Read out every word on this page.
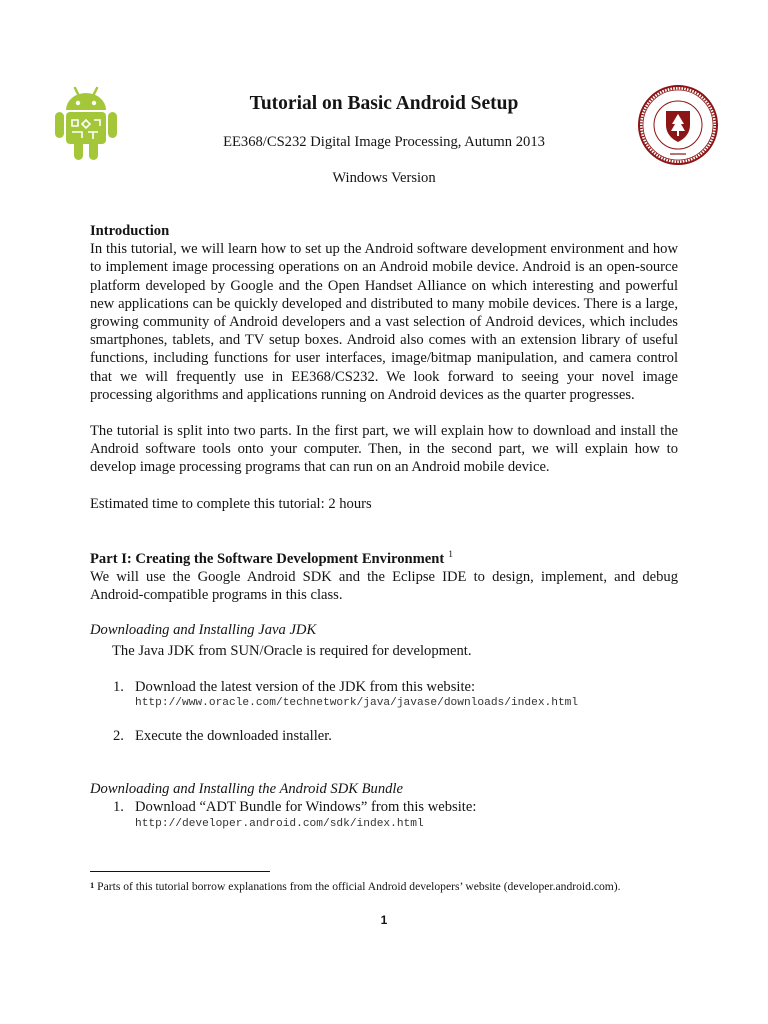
Tutorial on Basic Android Setup

EE368/CS232 Digital Image Processing, Autumn 2013

Windows Version

Introduction

In this tutorial, we will learn how to set up the Android software development environment and how to implement image processing operations on an Android mobile device. Android is an open-source platform developed by Google and the Open Handset Alliance on which interesting and powerful new applications can be quickly developed and distributed to many mobile devices. There is a large, growing community of Android developers and a vast selection of Android devices, which includes smartphones, tablets, and TV setup boxes. Android also comes with an extension library of useful functions, including functions for user interfaces, image/bitmap manipulation, and camera control that we will frequently use in EE368/CS232. We look forward to seeing your novel image processing algorithms and applications running on Android devices as the quarter progresses.

The tutorial is split into two parts. In the first part, we will explain how to download and install the Android software tools onto your computer. Then, in the second part, we will explain how to develop image processing programs that can run on an Android mobile device.

Estimated time to complete this tutorial: 2 hours

Part I: Creating the Software Development Environment $^1$

We will use the Google Android SDK and the Eclipse IDE to design, implement, and debug Android-compatible programs in this class.

Downloading and Installing Java JDK

The Java JDK from SUN/Oracle is required for development.

1. Download the latest version of the JDK from this website:
http://www.oracle.com/technetwork/java/javase/downloads/index.html
2. Execute the downloaded installer.

Downloading and Installing the Android SDK Bundle

1. Download “ADT Bundle for Windows” from this website:
http://developer.android.com/sdk/index.html

$^1$ Parts of this tutorial borrow explanations from the official Android developers’ website (developer.android.com).

1
